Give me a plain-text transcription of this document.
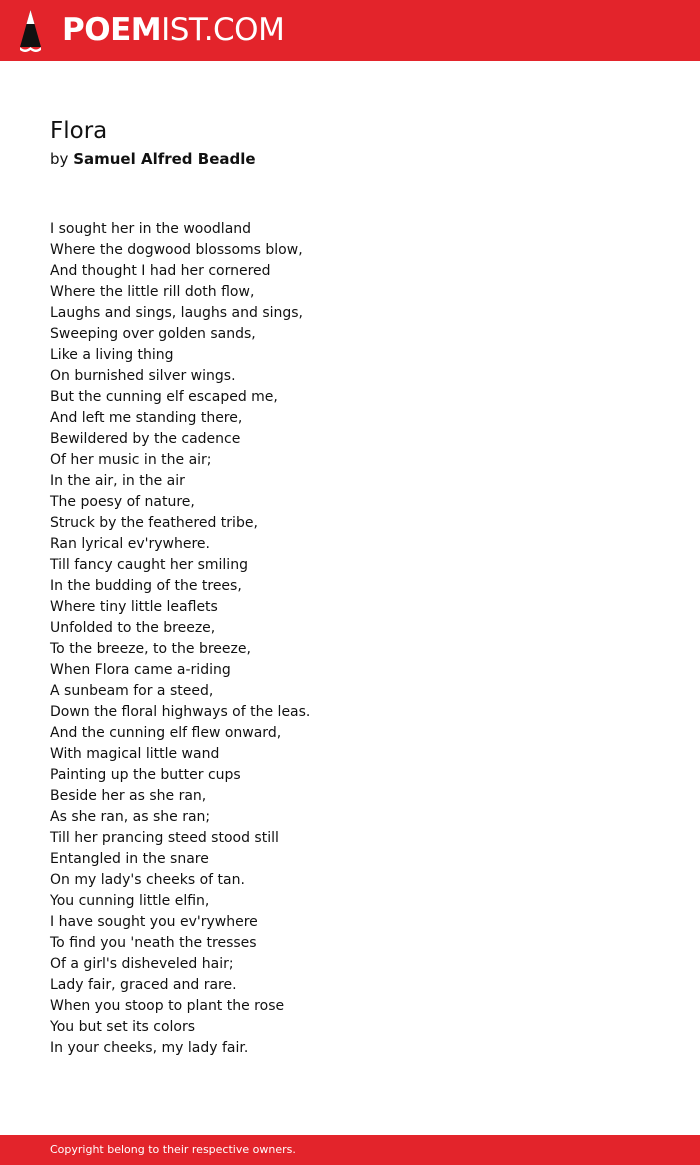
POEMIST.COM
Flora
by Samuel Alfred Beadle
I sought her in the woodland
Where the dogwood blossoms blow,
And thought I had her cornered
Where the little rill doth flow,
Laughs and sings, laughs and sings,
Sweeping over golden sands,
Like a living thing
On burnished silver wings.
But the cunning elf escaped me,
And left me standing there,
Bewildered by the cadence
Of her music in the air;
In the air, in the air
The poesy of nature,
Struck by the feathered tribe,
Ran lyrical ev'rywhere.
Till fancy caught her smiling
In the budding of the trees,
Where tiny little leaflets
Unfolded to the breeze,
To the breeze, to the breeze,
When Flora came a-riding
A sunbeam for a steed,
Down the floral highways of the leas.
And the cunning elf flew onward,
With magical little wand
Painting up the butter cups
Beside her as she ran,
As she ran, as she ran;
Till her prancing steed stood still
Entangled in the snare
On my lady's cheeks of tan.
You cunning little elfin,
I have sought you ev'rywhere
To find you 'neath the tresses
Of a girl's disheveled hair;
Lady fair, graced and rare.
When you stoop to plant the rose
You but set its colors
In your cheeks, my lady fair.
Copyright belong to their respective owners.
